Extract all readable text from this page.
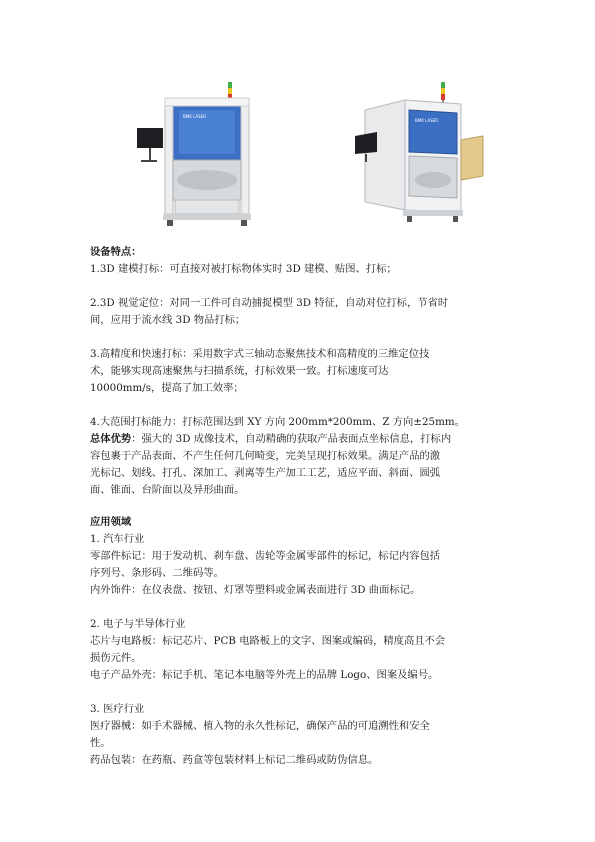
BMK LASER
BMK LASER
设备特点：
1.3D 建模打标：可直接对被打标物体实时 3D 建模、贴图、打标；
2.3D 视觉定位：对同一工件可自动捕捉模型 3D 特征，自动对位打标，节省时
间，应用于流水线 3D 物品打标；
3.高精度和快速打标：采用数字式三轴动态聚焦技术和高精度的三维定位技
术，能够实现高速聚焦与扫描系统，打标效果一致。打标速度可达
10000mm/s，提高了加工效率；
4.大范围打标能力：打标范围达到 XY 方向 200mm*200mm、Z 方向±25mm。
总体优势：强大的 3D 成像技术，自动精确的获取产品表面点坐标信息，打标内
容包裹于产品表面、不产生任何几何畸变，完美呈现打标效果。满足产品的激
光标记、划线、打孔、深加工、剥离等生产加工工艺，适应平面、斜面、圆弧
面、锥面、台阶面以及异形曲面。
应用领域
1. 汽车行业
零部件标记：用于发动机、刹车盘、齿轮等金属零部件的标记，标记内容包括
序列号、条形码、二维码等。
内外饰件：在仪表盘、按钮、灯罩等塑料或金属表面进行 3D 曲面标记。
2. 电子与半导体行业
芯片与电路板：标记芯片、PCB 电路板上的文字、图案或编码，精度高且不会
损伤元件。
电子产品外壳：标记手机、笔记本电脑等外壳上的品牌 Logo、图案及编号。
3. 医疗行业
医疗器械：如手术器械、植入物的永久性标记，确保产品的可追溯性和安全
性。
药品包装：在药瓶、药盒等包装材料上标记二维码或防伪信息。
